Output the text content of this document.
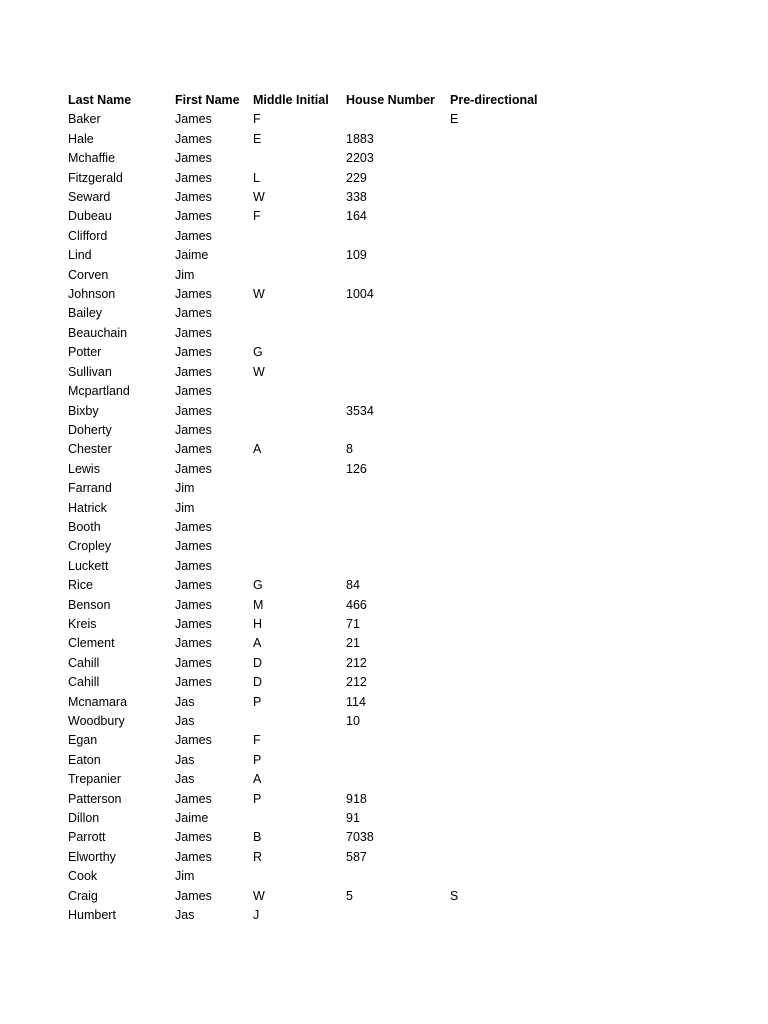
Last Name	First Name	Middle Initial	House Number	Pre-directional
Baker	James	F		E
Hale	James	E	1883	
Mchaffie	James		2203	
Fitzgerald	James	L	229	
Seward	James	W	338	
Dubeau	James	F	164	
Clifford	James			
Lind	Jaime		109	
Corven	Jim			
Johnson	James	W	1004	
Bailey	James			
Beauchain	James			
Potter	James	G		
Sullivan	James	W		
Mcpartland	James			
Bixby	James		3534	
Doherty	James			
Chester	James	A	8	
Lewis	James		126	
Farrand	Jim			
Hatrick	Jim			
Booth	James			
Cropley	James			
Luckett	James			
Rice	James	G	84	
Benson	James	M	466	
Kreis	James	H	71	
Clement	James	A	21	
Cahill	James	D	212	
Cahill	James	D	212	
Mcnamara	Jas	P	114	
Woodbury	Jas		10	
Egan	James	F		
Eaton	Jas	P		
Trepanier	Jas	A		
Patterson	James	P	918	
Dillon	Jaime		91	
Parrott	James	B	7038	
Elworthy	James	R	587	
Cook	Jim			
Craig	James	W	5	S
Humbert	Jas	J		
